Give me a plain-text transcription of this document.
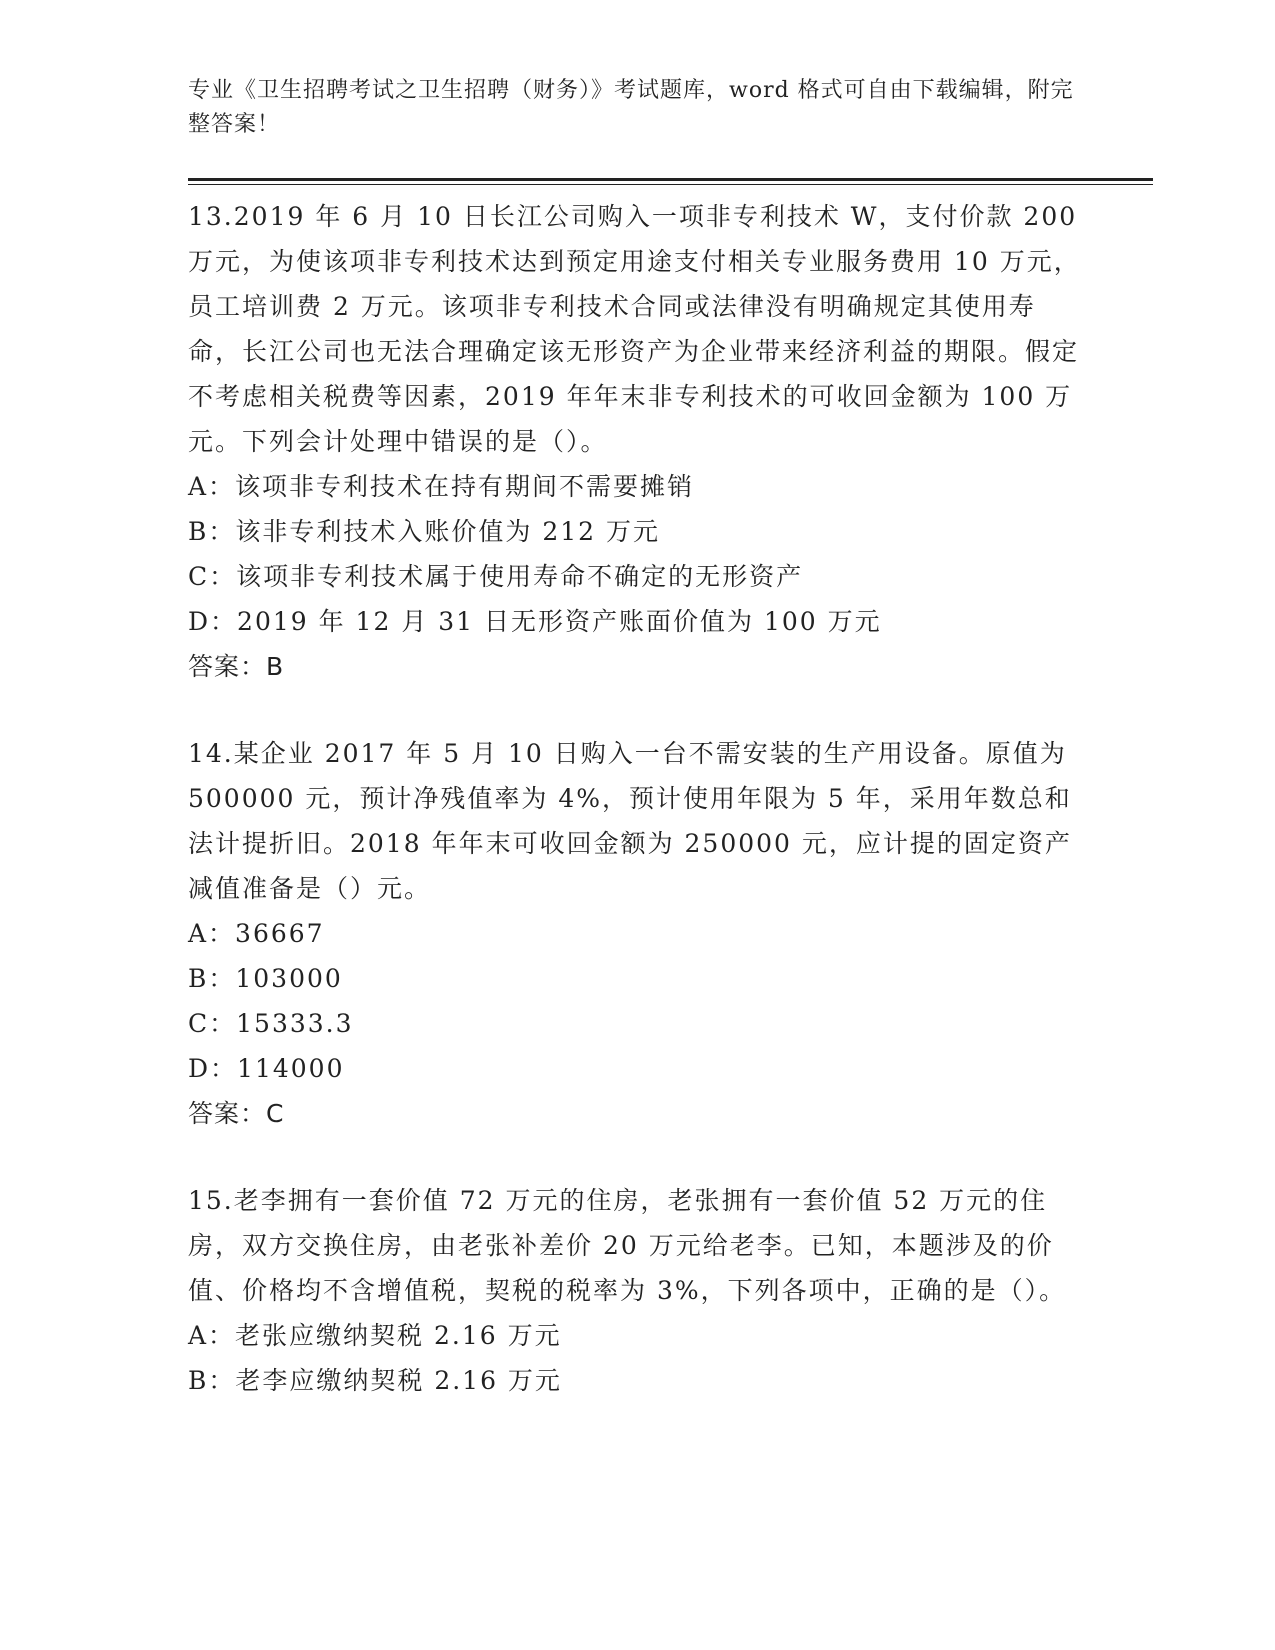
专业《卫生招聘考试之卫生招聘（财务）》考试题库，word 格式可自由下载编辑，附完整答案！

13.2019 年 6 月 10 日长江公司购入一项非专利技术 W，支付价款 200 万元，为使该项非专利技术达到预定用途支付相关专业服务费用 10 万元，员工培训费 2 万元。该项非专利技术合同或法律没有明确规定其使用寿命，长江公司也无法合理确定该无形资产为企业带来经济利益的期限。假定不考虑相关税费等因素，2019 年年末非专利技术的可收回金额为 100 万元。下列会计处理中错误的是（）。

A：该项非专利技术在持有期间不需要摊销
B：该非专利技术入账价值为 212 万元
C：该项非专利技术属于使用寿命不确定的无形资产
D：2019 年 12 月 31 日无形资产账面价值为 100 万元

答案：B

14.某企业 2017 年 5 月 10 日购入一台不需安装的生产用设备。原值为 500000 元，预计净残值率为 4%，预计使用年限为 5 年，采用年数总和法计提折旧。2018 年年末可收回金额为 250000 元，应计提的固定资产减值准备是（）元。

A：36667
B：103000
C：15333.3
D：114000

答案：C

15.老李拥有一套价值 72 万元的住房，老张拥有一套价值 52 万元的住房，双方交换住房，由老张补差价 20 万元给老李。已知，本题涉及的价值、价格均不含增值税，契税的税率为 3%，下列各项中，正确的是（）。

A：老张应缴纳契税 2.16 万元
B：老李应缴纳契税 2.16 万元
